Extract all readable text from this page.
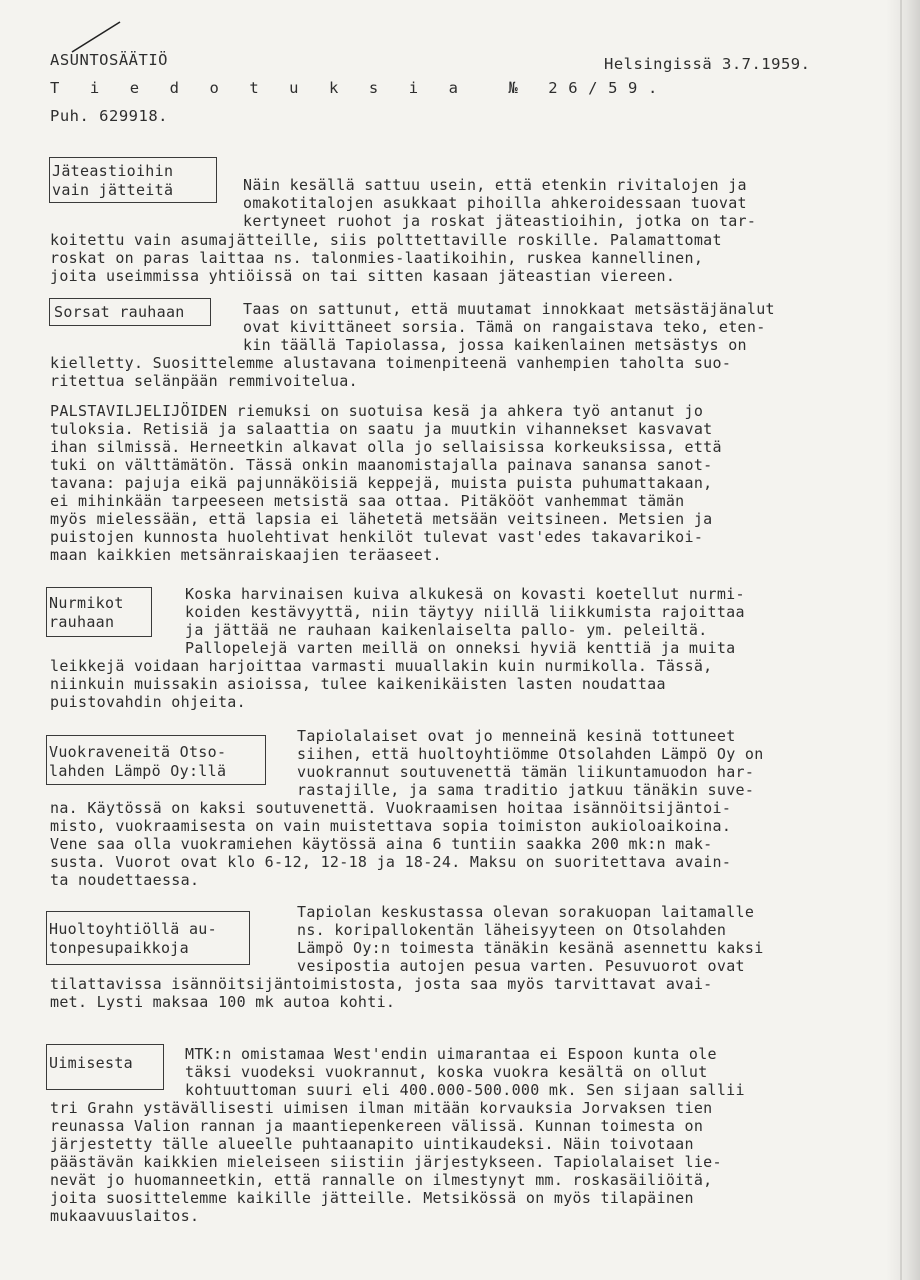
ASUNTOSÄÄTIÖ
T i e d o t u k s i a  № 26/59.
Puh. 629918.
Helsingissä 3.7.1959.
Jäteastioihin
vain jätteitä	Näin kesällä sattuu usein, että etenkin rivitalojen ja
omakotitalojen asukkaat pihoilla ahkeroidessaan tuovat
kertyneet ruohot ja roskat jäteastioihin, jotka on tar-
koitettu vain asumajätteille, siis polttettaville roskille. Palamattomat
roskat on paras laittaa ns. talonmies-laatikoihin, ruskea kannellinen,
joita useimmissa yhtiöissä on tai sitten kasaan jäteastian viereen.
Sorsat rauhaan	Taas on sattunut, että muutamat innokkaat metsästäjänalut
ovat kivittäneet sorsia. Tämä on rangaistava teko, eten-
kin täällä Tapiolassa, jossa kaikenlainen metsästys on
kielletty. Suosittelemme alustavana toimenpiteenä vanhempien taholta suo-
ritettua selänpään remmivoitelua.
PALSTAVILJELIJÖIDEN riemuksi on suotuisa kesä ja ahkera työ antanut jo
tuloksia. Retisiä ja salaattia on saatu ja muutkin vihannekset kasvavat
ihan silmissä. Herneetkin alkavat olla jo sellaisissa korkeuksissa, että
tuki on välttämätön. Tässä onkin maanomistajalla painava sanansa sanot-
tavana: pajuja eikä pajunnäköisiä keppejä, muista puista puhumattakaan,
ei mihinkään tarpeeseen metsistä saa ottaa. Pitäkööt vanhemmat tämän
myös mielessään, että lapsia ei lähetetä metsään veitsineen. Metsien ja
puistojen kunnosta huolehtivat henkilöt tulevat vast'edes takavarikoi-
maan kaikkien metsänraiskaajien teräaseet.
Nurmikot
rauhaan
Koska harvinaisen kuiva alkukesä on kovasti koetellut nurmi-
koiden kestävyyttä, niin täytyy niillä liikkumista rajoittaa
ja jättää ne rauhaan kaikenlaiselta pallo- ym. peleiltä.
Pallopelejä varten meillä on onneksi hyviä kenttiä ja muita
leikkejä voidaan harjoittaa varmasti muuallakin kuin nurmikolla. Tässä,
niinkuin muissakin asioissa, tulee kaikenikäisten lasten noudattaa
puistovahdin ohjeita.
Vuokraveneitä Otso-
lahden Lämpö Oy:llä
Tapiolalaiset ovat jo menneinä kesinä tottuneet
siihen, että huoltoyhtiömme Otsolahden Lämpö Oy on
vuokrannut soutuvenettä tämän liikuntamuodon har-
rastajille, ja sama traditio jatkuu tänäkin suve-
na. Käytössä on kaksi soutuvenettä. Vuokraamisen hoitaa isännöitsijäntoi-
misto, vuokraamisesta on vain muistettava sopia toimiston aukioloaikoina.
Vene saa olla vuokramiehen käytössä aina 6 tuntiin saakka 200 mk:n mak-
susta. Vuorot ovat klo 6-12, 12-18 ja 18-24. Maksu on suoritettava avain-
ta noudettaessa.
Huoltoyhtiöllä au-
tonpesupaikkoja
Tapiolan keskustassa olevan sorakuopan laitamalle
ns. koripallokentän läheisyyteen on Otsolahden
Lämpö Oy:n toimesta tänäkin kesänä asennettu kaksi
vesipostia autojen pesua varten. Pesuvuorot ovat
tilattavissa isännöitsijäntoimistosta, josta saa myös tarvittavat avai-
met. Lysti maksaa 100 mk autoa kohti.
Uimisesta	MTK:n omistamaa West'endin uimarantaa ei Espoon kunta ole
täksi vuodeksi vuokrannut, koska vuokra kesältä on ollut
kohtuuttoman suuri eli 400.000-500.000 mk. Sen sijaan sallii
tri Grahn ystävällisesti uimisen ilman mitään korvauksia Jorvaksen tien
reunassa Valion rannan ja maantiepenkereen välissä. Kunnan toimesta on
järjestetty tälle alueelle puhtaanapito uintikaudeksi. Näin toivotaan
päästävän kaikkien mieleiseen siistiin järjestykseen. Tapiolalaiset lie-
nevät jo huomanneetkin, että rannalle on ilmestynyt mm. roskasäiliöitä,
joita suosittelemme kaikille jätteille. Metsikössä on myös tilapäinen
mukaavuuslaitos.
